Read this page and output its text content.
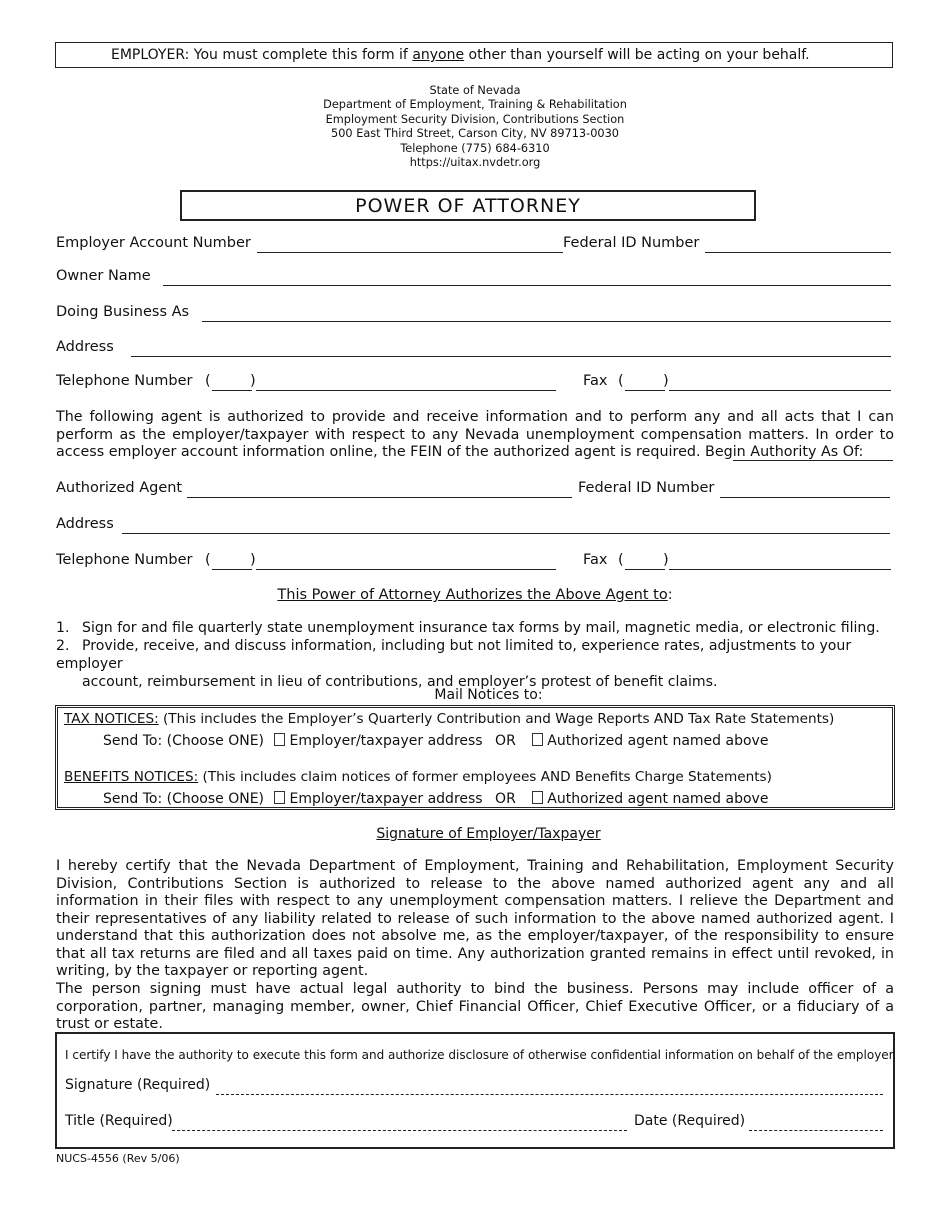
EMPLOYER: You must complete this form if anyone other than yourself will be acting on your behalf.
State of Nevada
Department of Employment, Training & Rehabilitation
Employment Security Division, Contributions Section
500 East Third Street, Carson City, NV 89713-0030
Telephone (775) 684-6310
https://uitax.nvdetr.org
POWER OF ATTORNEY
Employer Account Number	Federal ID Number
Owner Name
Doing Business As
Address
Telephone Number (	)	Fax (	)
The following agent is authorized to provide and receive information and to perform any and all acts that I can perform as the employer/taxpayer with respect to any Nevada unemployment compensation matters. In order to access employer account information online, the FEIN of the authorized agent is required. Begin Authority As Of:
Authorized Agent	Federal ID Number
Address
Telephone Number (	)	Fax (	)
This Power of Attorney Authorizes the Above Agent to:
1. Sign for and file quarterly state unemployment insurance tax forms by mail, magnetic media, or electronic filing.
2. Provide, receive, and discuss information, including but not limited to, experience rates, adjustments to your employer
account, reimbursement in lieu of contributions, and employer’s protest of benefit claims.
Mail Notices to:
TAX NOTICES: (This includes the Employer’s Quarterly Contribution and Wage Reports AND Tax Rate Statements)
Send To: (Choose ONE) Employer/taxpayer address OR Authorized agent named above
BENEFITS NOTICES: (This includes claim notices of former employees AND Benefits Charge Statements)
Send To: (Choose ONE) Employer/taxpayer address OR Authorized agent named above
Signature of Employer/Taxpayer
I hereby certify that the Nevada Department of Employment, Training and Rehabilitation, Employment Security Division, Contributions Section is authorized to release to the above named authorized agent any and all information in their files with respect to any unemployment compensation matters. I relieve the Department and their representatives of any liability related to release of such information to the above named authorized agent. I understand that this authorization does not absolve me, as the employer/taxpayer, of the responsibility to ensure that all tax returns are filed and all taxes paid on time. Any authorization granted remains in effect until revoked, in writing, by the taxpayer or reporting agent.
The person signing must have actual legal authority to bind the business. Persons may include officer of a corporation, partner, managing member, owner, Chief Financial Officer, Chief Executive Officer, or a fiduciary of a trust or estate.
I certify I have the authority to execute this form and authorize disclosure of otherwise confidential information on behalf of the employer.
Signature (Required)
Title (Required)	Date (Required)
NUCS-4556 (Rev 5/06)
